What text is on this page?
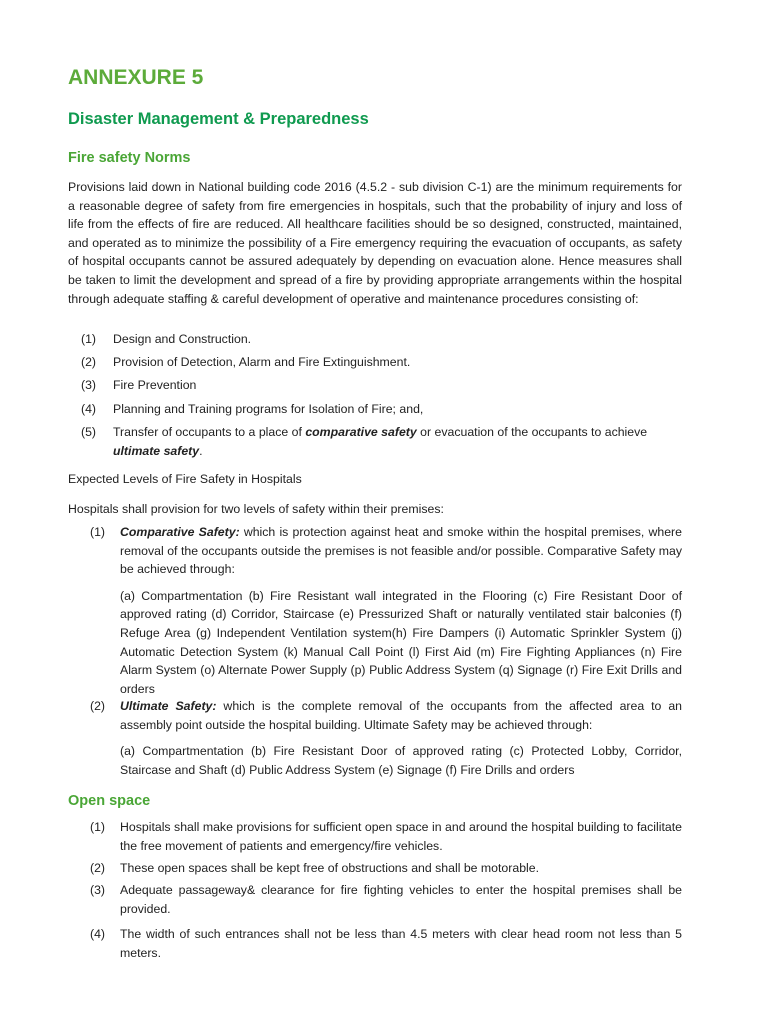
ANNEXURE 5
Disaster Management & Preparedness
Fire safety Norms

Provisions laid down in National building code 2016 (4.5.2 - sub division C-1) are the minimum requirements for a reasonable degree of safety from fire emergencies in hospitals, such that the probability of injury and loss of life from the effects of fire are reduced. All healthcare facilities should be so designed, constructed, maintained, and operated as to minimize the possibility of a Fire emergency requiring the evacuation of occupants, as safety of hospital occupants cannot be assured adequately by depending on evacuation alone. Hence measures shall be taken to limit the development and spread of a fire by providing appropriate arrangements within the hospital through adequate staffing & careful development of operative and maintenance procedures consisting of:

(1)	Design and Construction.

(2)	Provision of Detection, Alarm and Fire Extinguishment.

(3)	Fire Prevention

(4)	Planning and Training programs for Isolation of Fire; and,

(5)	Transfer of occupants to a place of comparative safety or evacuation of the occupants to achieve ultimate safety.

Expected Levels of Fire Safety in Hospitals

Hospitals shall provision for two levels of safety within their premises:

(1)	Comparative Safety: which is protection against heat and smoke within the hospital premises, where removal of the occupants outside the premises is not feasible and/or possible. Comparative Safety may be achieved through:

(a) Compartmentation (b) Fire Resistant wall integrated in the Flooring (c) Fire Resistant Door of approved rating (d) Corridor, Staircase (e) Pressurized Shaft or naturally ventilated stair balconies (f) Refuge Area (g) Independent Ventilation system(h) Fire Dampers (i) Automatic Sprinkler System (j) Automatic Detection System (k) Manual Call Point (l) First Aid (m) Fire Fighting Appliances (n) Fire Alarm System (o) Alternate Power Supply (p) Public Address System (q) Signage (r) Fire Exit Drills and orders

(2)	Ultimate Safety: which is the complete removal of the occupants from the affected area to an assembly point outside the hospital building. Ultimate Safety may be achieved through:

(a) Compartmentation (b) Fire Resistant Door of approved rating (c) Protected Lobby, Corridor, Staircase and Shaft (d) Public Address System (e) Signage (f) Fire Drills and orders

Open space
(1)	Hospitals shall make provisions for sufficient open space in and around the hospital building to facilitate the free movement of patients and emergency/fire vehicles.

(2)	These open spaces shall be kept free of obstructions and shall be motorable.

(3)	Adequate passageway& clearance for fire fighting vehicles to enter the hospital premises shall be provided.

(4)	The width of such entrances shall not be less than 4.5 meters with clear head room not less than 5 meters.
